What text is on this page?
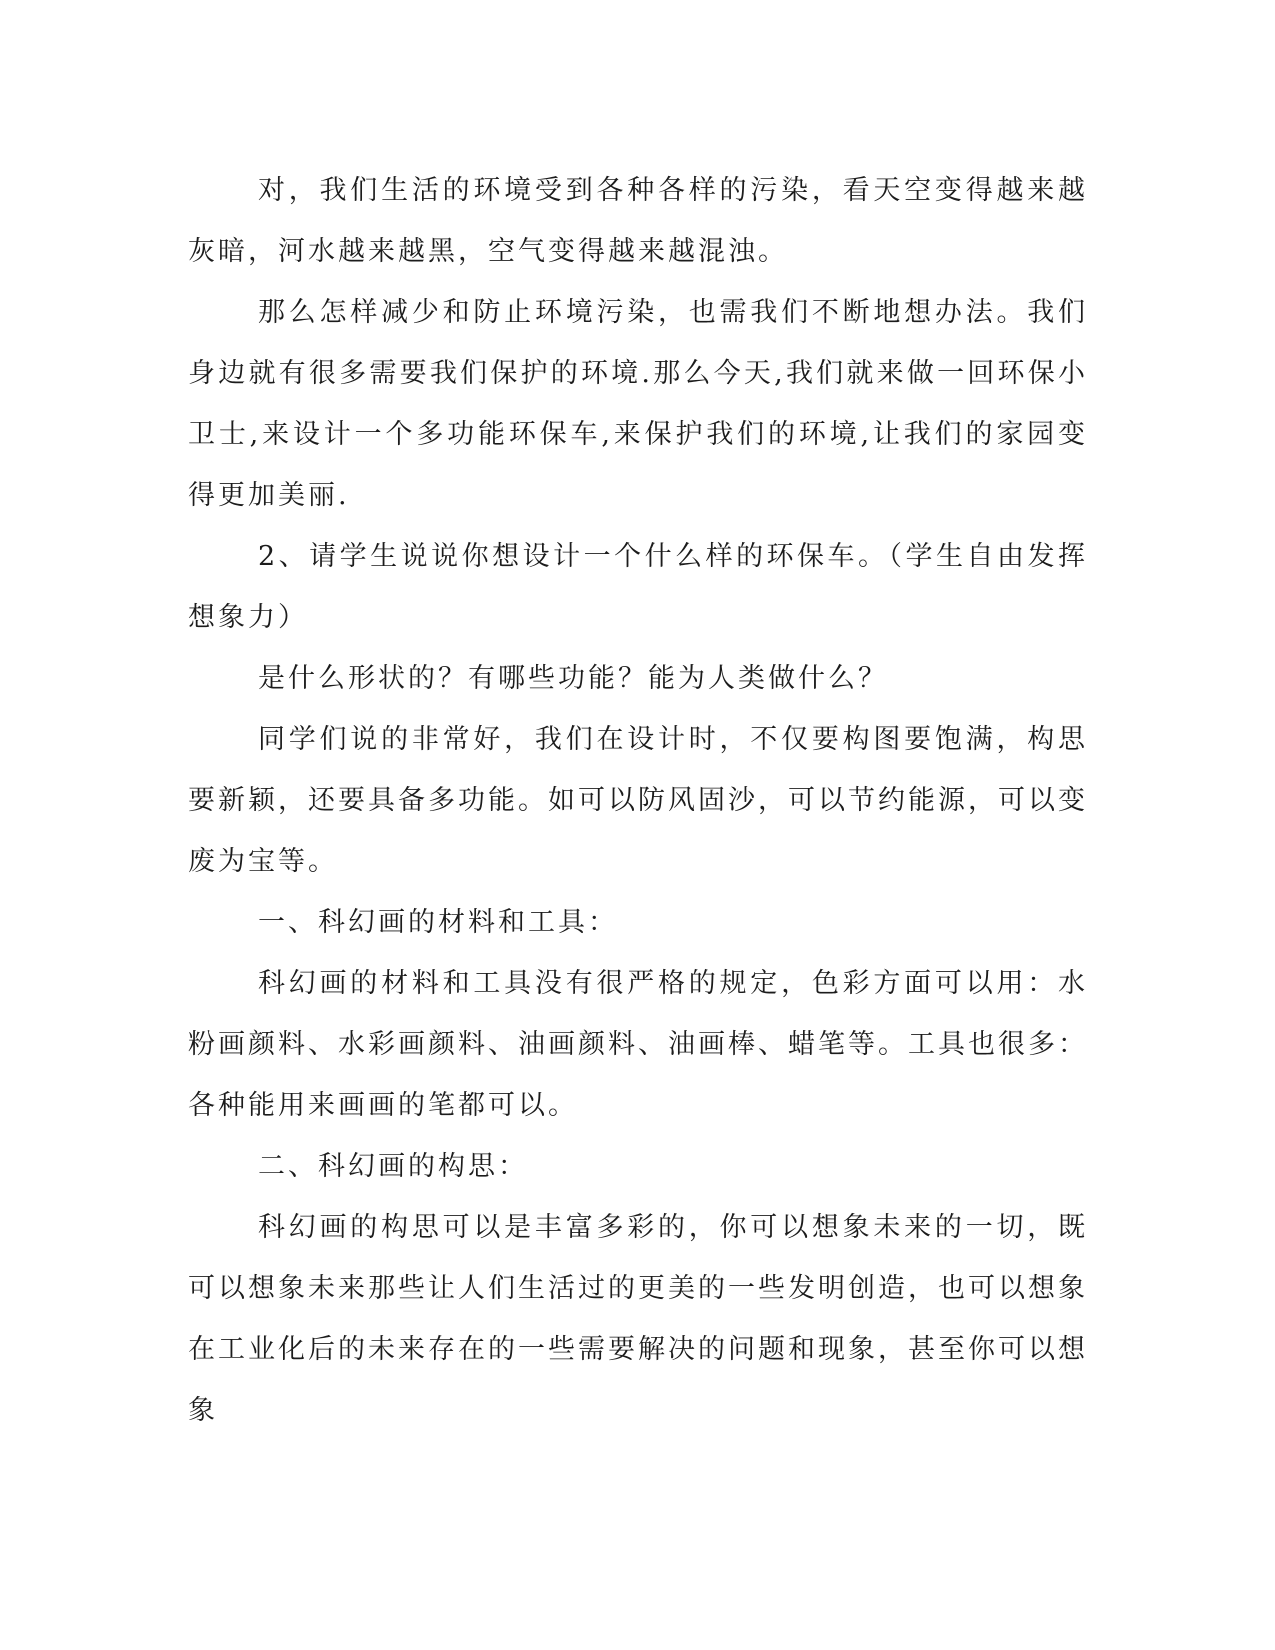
对，我们生活的环境受到各种各样的污染，看天空变得越来越灰暗，河水越来越黑，空气变得越来越混浊。

那么怎样减少和防止环境污染，也需我们不断地想办法。我们身边就有很多需要我们保护的环境.那么今天,我们就来做一回环保小卫士,来设计一个多功能环保车,来保护我们的环境,让我们的家园变得更加美丽.

2、请学生说说你想设计一个什么样的环保车。（学生自由发挥想象力）

是什么形状的？有哪些功能？能为人类做什么？

同学们说的非常好，我们在设计时，不仅要构图要饱满，构思要新颖，还要具备多功能。如可以防风固沙，可以节约能源，可以变废为宝等。

一、科幻画的材料和工具：

科幻画的材料和工具没有很严格的规定，色彩方面可以用：水粉画颜料、水彩画颜料、油画颜料、油画棒、蜡笔等。工具也很多：各种能用来画画的笔都可以。

二、科幻画的构思：

科幻画的构思可以是丰富多彩的，你可以想象未来的一切，既可以想象未来那些让人们生活过的更美的一些发明创造，也可以想象在工业化后的未来存在的一些需要解决的问题和现象，甚至你可以想象
